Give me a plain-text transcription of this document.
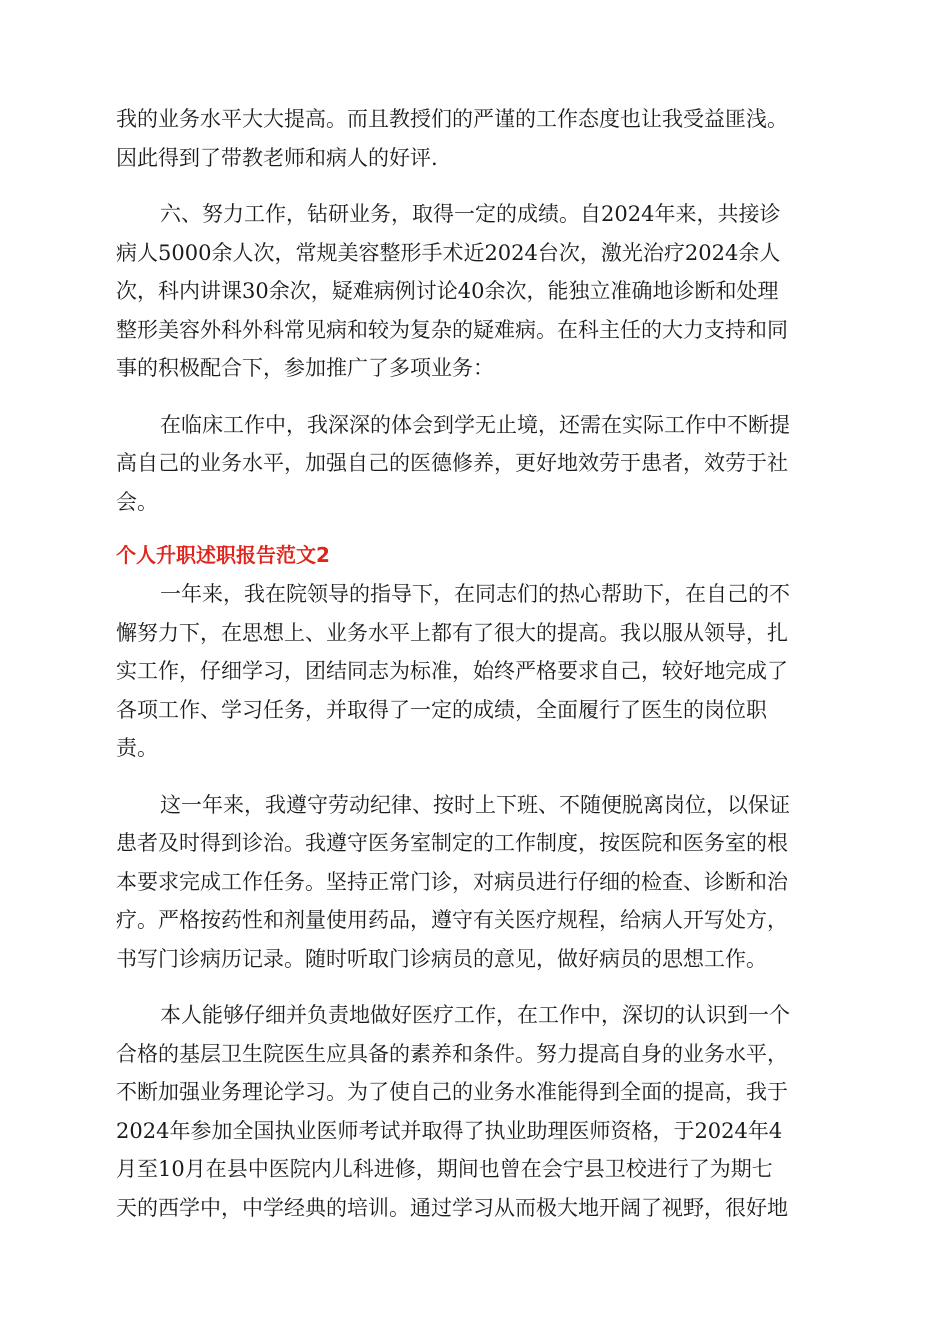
我的业务水平大大提高。而且教授们的严谨的工作态度也让我受益匪浅。
因此得到了带教老师和病人的好评.

六、努力工作，钻研业务，取得一定的成绩。自2024年来，共接诊
病人5000余人次，常规美容整形手术近2024台次，激光治疗2024余人
次，科内讲课30余次，疑难病例讨论40余次，能独立准确地诊断和处理
整形美容外科外科常见病和较为复杂的疑难病。在科主任的大力支持和同
事的积极配合下，参加推广了多项业务：

在临床工作中，我深深的体会到学无止境，还需在实际工作中不断提
高自己的业务水平，加强自己的医德修养，更好地效劳于患者，效劳于社
会。

个人升职述职报告范文2

一年来，我在院领导的指导下，在同志们的热心帮助下，在自己的不
懈努力下，在思想上、业务水平上都有了很大的提高。我以服从领导，扎
实工作，仔细学习，团结同志为标准，始终严格要求自己，较好地完成了
各项工作、学习任务，并取得了一定的成绩，全面履行了医生的岗位职
责。

这一年来，我遵守劳动纪律、按时上下班、不随便脱离岗位，以保证
患者及时得到诊治。我遵守医务室制定的工作制度，按医院和医务室的根
本要求完成工作任务。坚持正常门诊，对病员进行仔细的检查、诊断和治
疗。严格按药性和剂量使用药品，遵守有关医疗规程，给病人开写处方，
书写门诊病历记录。随时听取门诊病员的意见，做好病员的思想工作。

本人能够仔细并负责地做好医疗工作，在工作中，深切的认识到一个
合格的基层卫生院医生应具备的素养和条件。努力提高自身的业务水平，
不断加强业务理论学习。为了使自己的业务水准能得到全面的提高，我于
2024年参加全国执业医师考试并取得了执业助理医师资格，于2024年4
月至10月在县中医院内儿科进修，期间也曾在会宁县卫校进行了为期七
天的西学中，中学经典的培训。通过学习从而极大地开阔了视野，很好地
